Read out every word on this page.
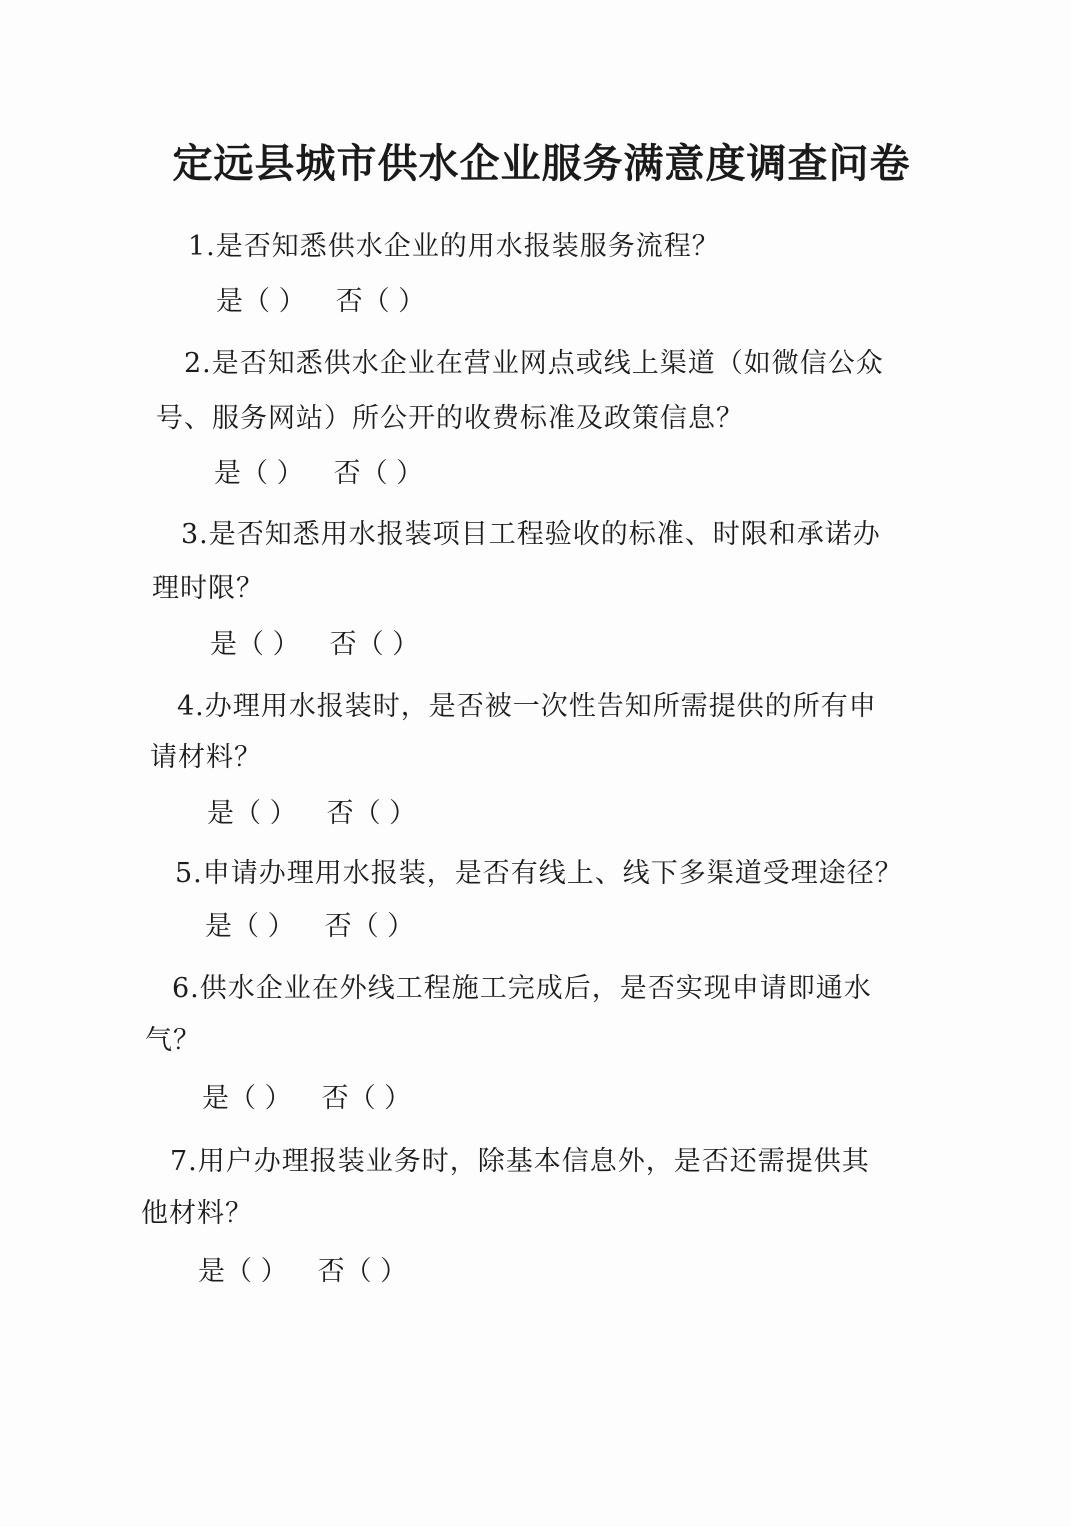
定远县城市供水企业服务满意度调查问卷
1.是否知悉供水企业的用水报装服务流程？
是（ ） 否（ ）
2.是否知悉供水企业在营业网点或线上渠道（如微信公众
号、服务网站）所公开的收费标准及政策信息？
是（ ） 否（ ）
3.是否知悉用水报装项目工程验收的标准、时限和承诺办
理时限？
是（ ） 否（ ）
4.办理用水报装时，是否被一次性告知所需提供的所有申
请材料？
是（ ） 否（ ）
5.申请办理用水报装，是否有线上、线下多渠道受理途径？
是（ ） 否（ ）
6.供水企业在外线工程施工完成后，是否实现申请即通水
气？
是（ ） 否（ ）
7.用户办理报装业务时，除基本信息外，是否还需提供其
他材料？
是（ ） 否（ ）
